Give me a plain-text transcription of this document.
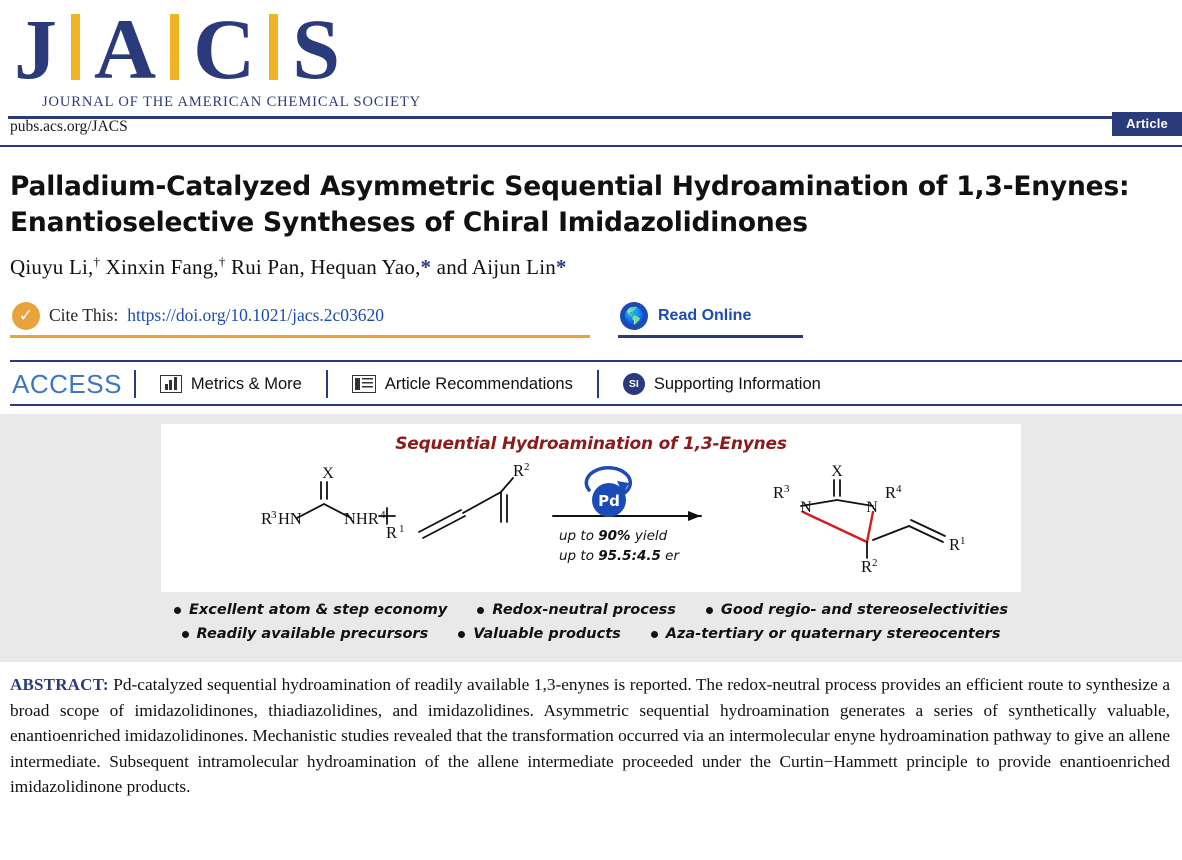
J A C S
JOURNAL OF THE AMERICAN CHEMICAL SOCIETY
pubs.acs.org/JACS	Article
Palladium-Catalyzed Asymmetric Sequential Hydroamination of 1,3-Enynes: Enantioselective Syntheses of Chiral Imidazolidinones
Qiuyu Li,† Xinxin Fang,† Rui Pan, Hequan Yao,* and Aijun Lin*
✓ Cite This: https://doi.org/10.1021/jacs.2c03620	🌎 Read Online
ACCESS	Metrics & More	Article Recommendations	SI Supporting Information
Sequential Hydroamination of 1,3-Enynes
Pd
R
3 HN
X
NHR 4
R 1
R 2	X
N	N
R 3	R 4
R 2
R 1
up to 90% yield
up to 95.5:4.5 er
Excellent atom & step economy	Redox-neutral process	Good regio- and stereoselectivities
Readily available precursors	Valuable products	Aza-tertiary or quaternary stereocenters
ABSTRACT: Pd-catalyzed sequential hydroamination of readily available 1,3-enynes is reported. The redox-neutral process provides an efficient route to synthesize a broad scope of imidazolidinones, thiadiazolidines, and imidazolidines. Asymmetric sequential hydroamination generates a series of synthetically valuable, enantioenriched imidazolidinones. Mechanistic studies revealed that the transformation occurred via an intermolecular enyne hydroamination pathway to give an allene intermediate. Subsequent intramolecular hydroamination of the allene intermediate proceeded under the Curtin−Hammett principle to provide enantioenriched imidazolidinone products.
